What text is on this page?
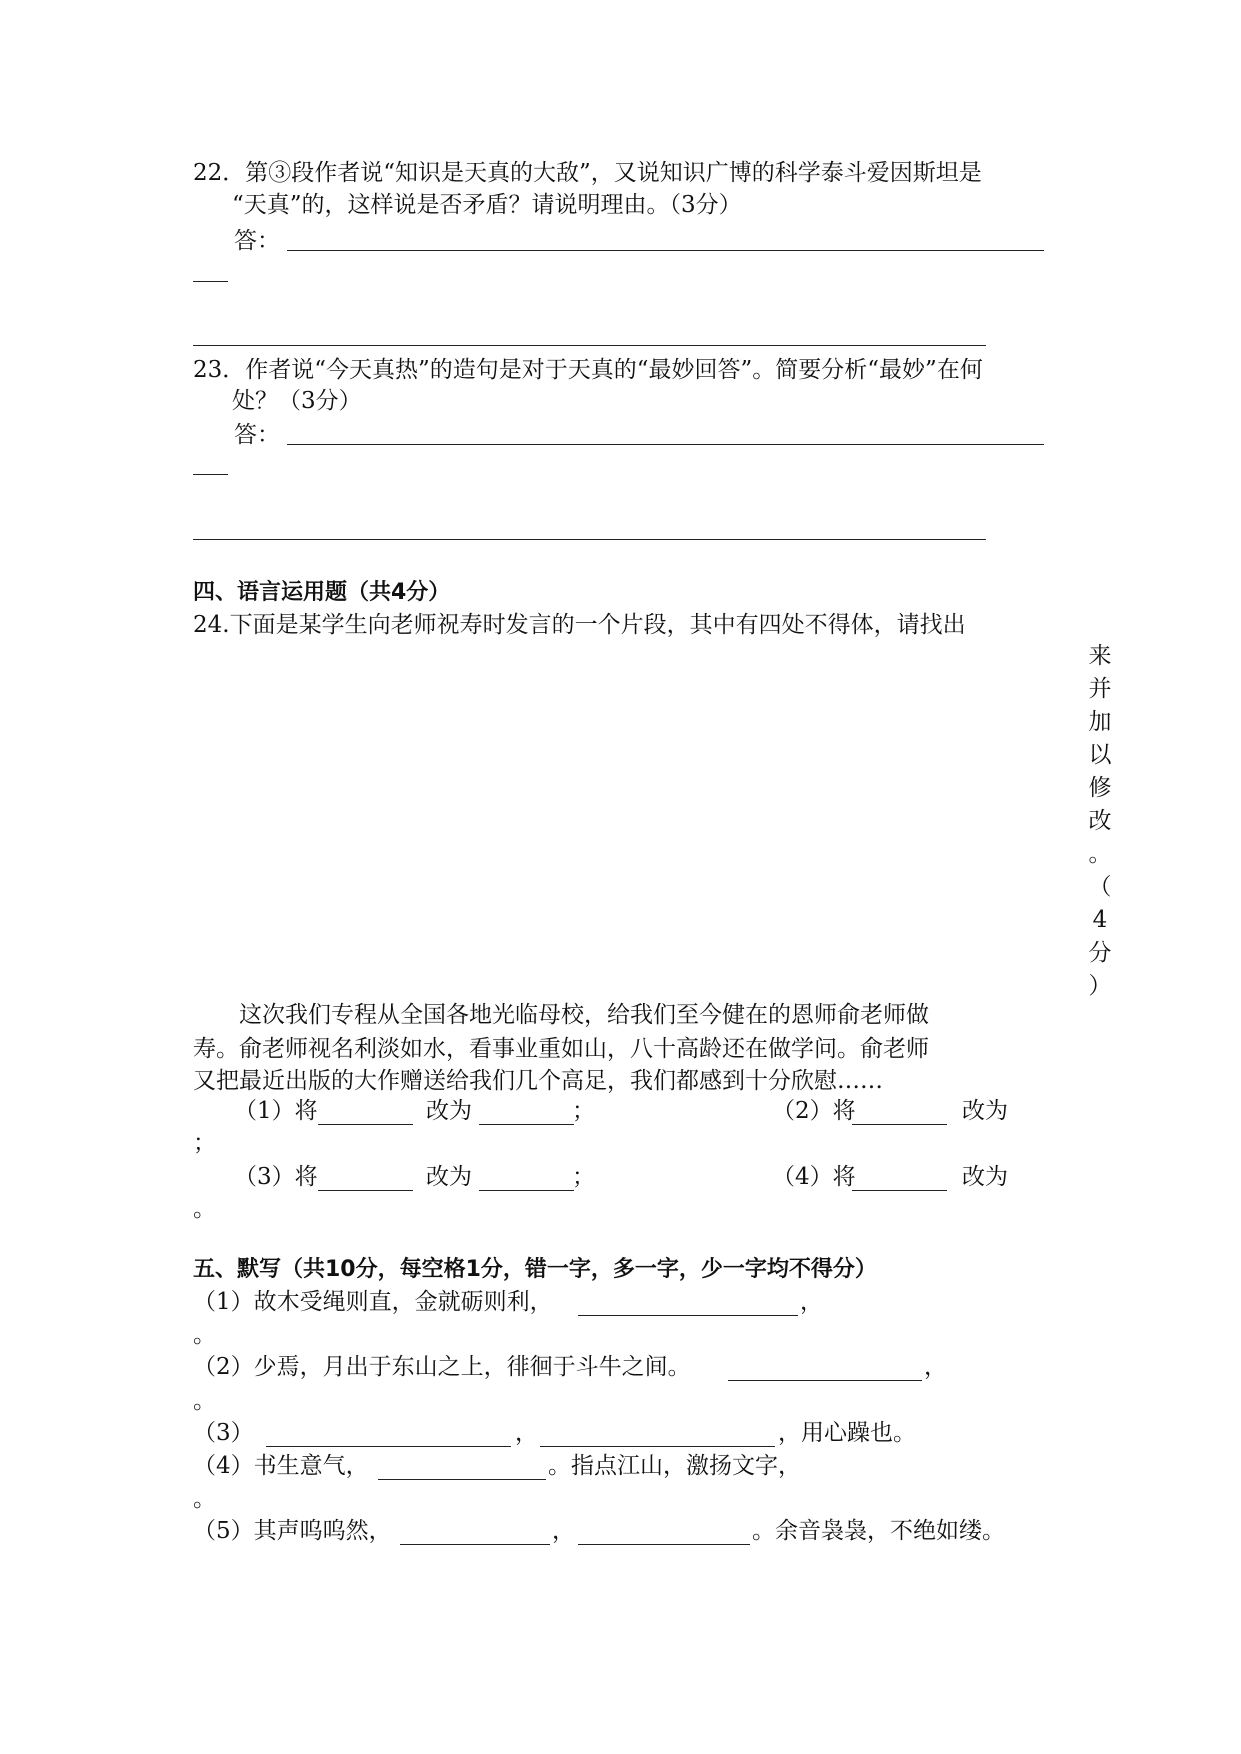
22．第③段作者说“知识是天真的大敌”，又说知识广博的科学泰斗爱因斯坦是
“天真”的，这样说是否矛盾？请说明理由。（3分）
答：
23．作者说“今天真热”的造句是对于天真的“最妙回答”。简要分析“最妙”在何
处？（3分）
答：
四、语言运用题（共4分）
24.下面是某学生向老师祝寿时发言的一个片段，其中有四处不得体，请找出
来
并
加
以
修
改
。
（
4
分
）
　　这次我们专程从全国各地光临母校，给我们至今健在的恩师俞老师做
寿。俞老师视名利淡如水，看事业重如山，八十高龄还在做学问。俞老师
又把最近出版的大作赠送给我们几个高足，我们都感到十分欣慰……
（1）将	改为	；	（2）将	改为
；
（3）将	改为	；	（4）将	改为
。
五、默写（共10分，每空格1分，错一字，多一字，少一字均不得分）
（1）故木受绳则直，金就砺则利，	，
。
（2）少焉，月出于东山之上，徘徊于斗牛之间。	，
。
（3）	，	，用心躁也。
（4）书生意气，	。指点江山，激扬文字，
。
（5）其声呜呜然，	，	。余音袅袅，不绝如缕。
